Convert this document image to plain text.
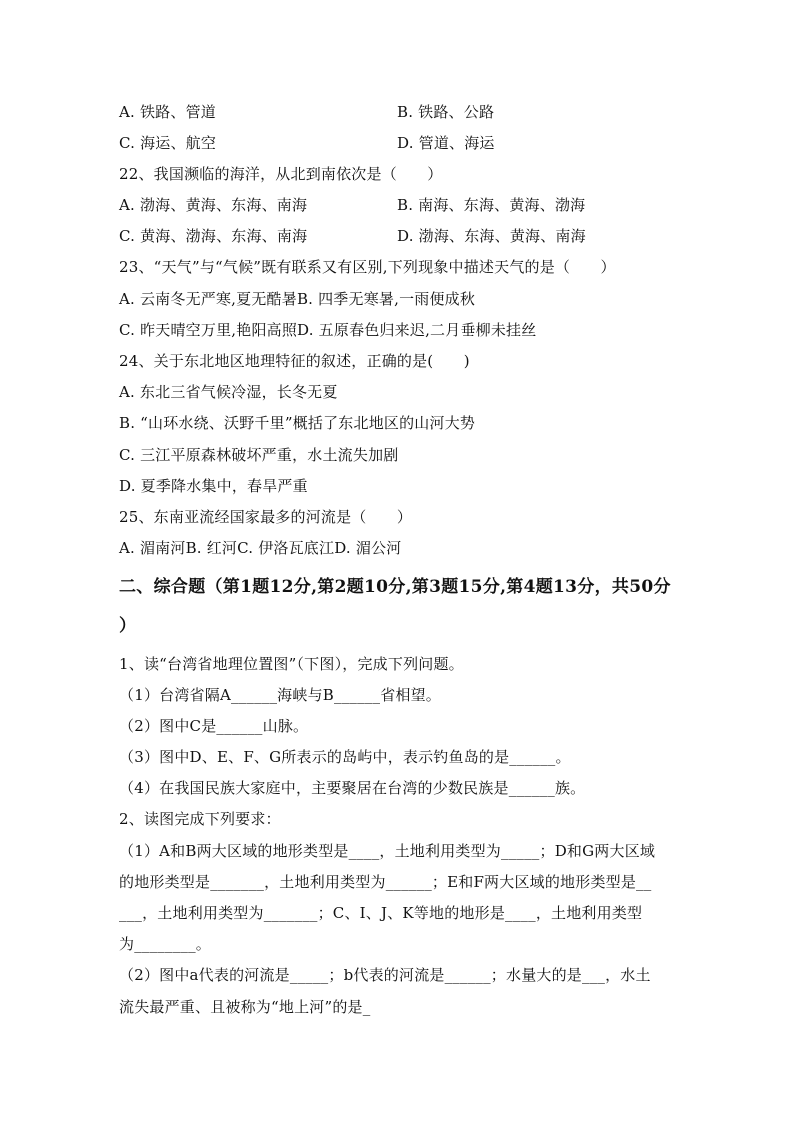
A. 铁路、管道	B. 铁路、公路
C. 海运、航空	D. 管道、海运
22、我国濒临的海洋，从北到南依次是（　　）
A. 渤海、黄海、东海、南海	B. 南海、东海、黄海、渤海
C. 黄海、渤海、东海、南海	D. 渤海、东海、黄海、南海
23、“天气”与“气候”既有联系又有区别,下列现象中描述天气的是（　　）
A. 云南冬无严寒,夏无酷暑B. 四季无寒暑,一雨便成秋
C. 昨天晴空万里,艳阳高照D. 五原春色归来迟,二月垂柳未挂丝
24、关于东北地区地理特征的叙述，正确的是(　　)
A. 东北三省气候冷湿，长冬无夏
B. “山环水绕、沃野千里”概括了东北地区的山河大势
C. 三江平原森林破坏严重，水土流失加剧
D. 夏季降水集中，春旱严重
25、东南亚流经国家最多的河流是（　　）
A. 湄南河B. 红河C. 伊洛瓦底江D. 湄公河
二、综合题（第1题12分,第2题10分,第3题15分,第4题13分，共50分
）
1、读“台湾省地理位置图”（下图），完成下列问题。
（1）台湾省隔A______海峡与B______省相望。
（2）图中C是______山脉。
（3）图中D、E、F、G所表示的岛屿中，表示钓鱼岛的是______。
（4）在我国民族大家庭中，主要聚居在台湾的少数民族是______族。
2、读图完成下列要求：
（1）A和B两大区域的地形类型是____，土地利用类型为_____；D和G两大区域
的地形类型是_______，土地利用类型为______；E和F两大区域的地形类型是__
___，土地利用类型为_______；C、I、J、K等地的地形是____，土地利用类型
为________。
（2）图中a代表的河流是_____；b代表的河流是______；水量大的是___，水土
流失最严重、且被称为“地上河”的是_
